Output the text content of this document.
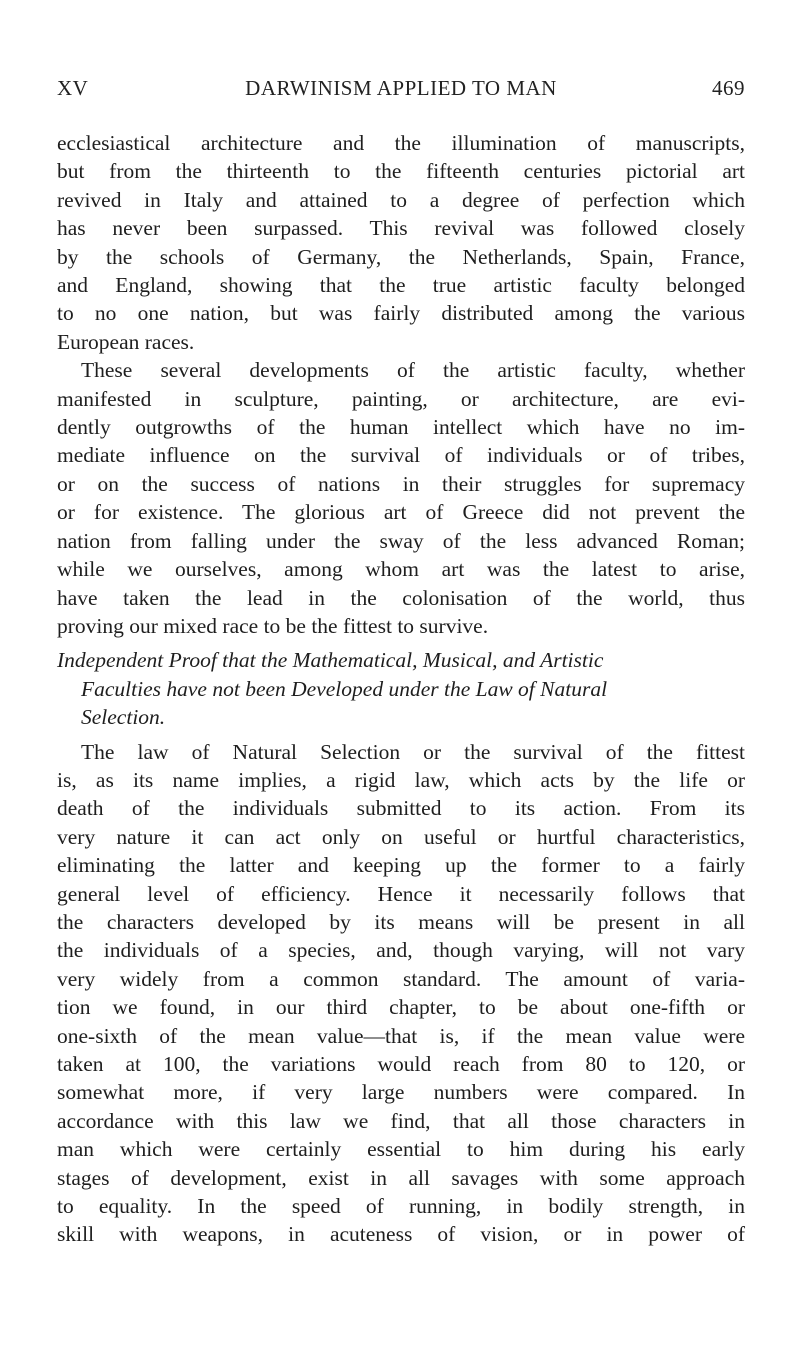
XV	DARWINISM APPLIED TO MAN	469

ecclesiastical architecture and the illumination of manuscripts,
but from the thirteenth to the fifteenth centuries pictorial art
revived in Italy and attained to a degree of perfection which
has never been surpassed. This revival was followed closely
by the schools of Germany, the Netherlands, Spain, France,
and England, showing that the true artistic faculty belonged
to no one nation, but was fairly distributed among the various
European races.

These several developments of the artistic faculty, whether
manifested in sculpture, painting, or architecture, are evi-
dently outgrowths of the human intellect which have no im-
mediate influence on the survival of individuals or of tribes,
or on the success of nations in their struggles for supremacy
or for existence. The glorious art of Greece did not prevent the
nation from falling under the sway of the less advanced Roman;
while we ourselves, among whom art was the latest to arise,
have taken the lead in the colonisation of the world, thus
proving our mixed race to be the fittest to survive.

Independent Proof that the Mathematical, Musical, and Artistic
Faculties have not been Developed under the Law of Natural
Selection.

The law of Natural Selection or the survival of the fittest
is, as its name implies, a rigid law, which acts by the life or
death of the individuals submitted to its action. From its
very nature it can act only on useful or hurtful characteristics,
eliminating the latter and keeping up the former to a fairly
general level of efficiency. Hence it necessarily follows that
the characters developed by its means will be present in all
the individuals of a species, and, though varying, will not vary
very widely from a common standard. The amount of varia-
tion we found, in our third chapter, to be about one-fifth or
one-sixth of the mean value—that is, if the mean value were
taken at 100, the variations would reach from 80 to 120, or
somewhat more, if very large numbers were compared. In
accordance with this law we find, that all those characters in
man which were certainly essential to him during his early
stages of development, exist in all savages with some approach
to equality. In the speed of running, in bodily strength, in
skill with weapons, in acuteness of vision, or in power of
